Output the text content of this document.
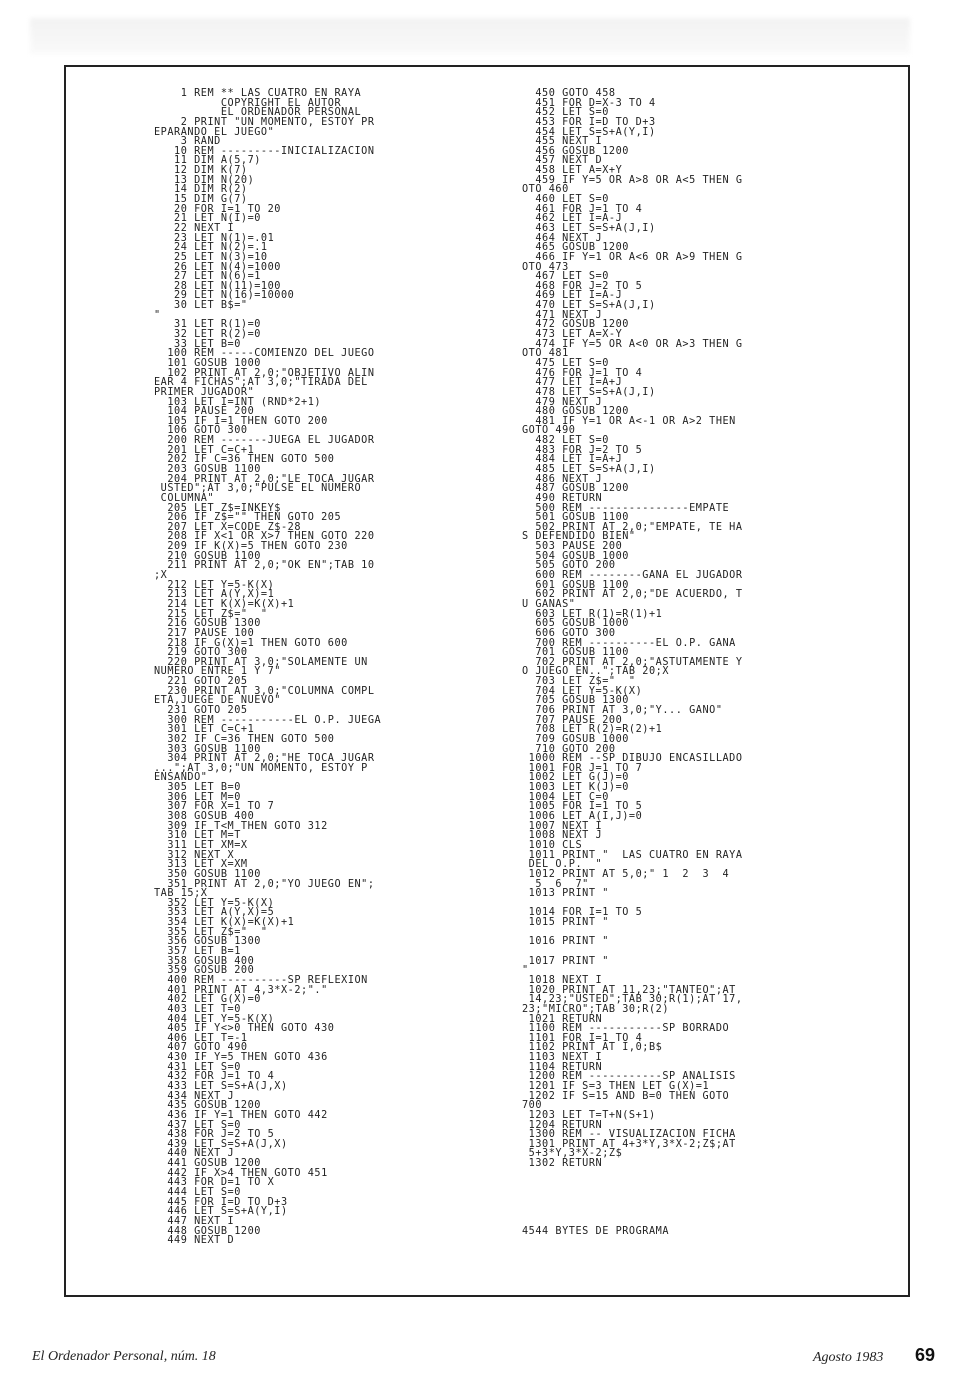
1 REM ** LAS CUATRO EN RAYA
COPYRIGHT EL AUTOR
EL ORDENADOR PERSONAL
2 PRINT "UN MOMENTO, ESTOY PR
EPARANDO EL JUEGO"
3 RAND
10 REM ---------INICIALIZACION
11 DIM A(5,7)
12 DIM K(7)
13 DIM N(20)
14 DIM R(2)
15 DIM G(7)
20 FOR I=1 TO 20
21 LET N(I)=0
22 NEXT I
23 LET N(1)=.01
24 LET N(2)=.1
25 LET N(3)=10
26 LET N(4)=1000
27 LET N(6)=1
28 LET N(11)=100
29 LET N(16)=10000
30 LET B$="
"
31 LET R(1)=0
32 LET R(2)=0
33 LET B=0
100 REM -----COMIENZO DEL JUEGO
101 GOSUB 1000
102 PRINT AT 2,0;"OBJETIVO ALIN
EAR 4 FICHAS";AT 3,0;"TIRADA DEL
PRIMER JUGADOR"
103 LET I=INT (RND*2+1)
104 PAUSE 200
105 IF I=1 THEN GOTO 200
106 GOTO 300
200 REM -------JUEGA EL JUGADOR
201 LET C=C+1
202 IF C=36 THEN GOTO 500
203 GOSUB 1100
204 PRINT AT 2,0;"LE TOCA JUGAR
USTED";AT 3,0;"PULSE EL NUMERO
COLUMNA"
205 LET Z$=INKEY$
206 IF Z$="" THEN GOTO 205
207 LET X=CODE Z$-28
208 IF X<1 OR X>7 THEN GOTO 220
209 IF K(X)=5 THEN GOTO 230
210 GOSUB 1100
211 PRINT AT 2,0;"OK EN";TAB 10
;X
212 LET Y=5-K(X)
213 LET A(Y,X)=1
214 LET K(X)=K(X)+1
215 LET Z$="  "
216 GOSUB 1300
217 PAUSE 100
218 IF G(X)=1 THEN GOTO 600
219 GOTO 300
220 PRINT AT 3,0;"SOLAMENTE UN
NUMERO ENTRE 1 Y 7"
221 GOTO 205
230 PRINT AT 3,0;"COLUMNA COMPL
ETA,JUEGE DE NUEVO"
231 GOTO 205
300 REM -----------EL O.P. JUEGA
301 LET C=C+1
302 IF C=36 THEN GOTO 500
303 GOSUB 1100
304 PRINT AT 2,0;"HE TOCA JUGAR
...";AT 3,0;"UN MOMENTO, ESTOY P
ENSANDO"
305 LET B=0
306 LET M=0
307 FOR X=1 TO 7
308 GOSUB 400
309 IF T<M THEN GOTO 312
310 LET M=T
311 LET XM=X
312 NEXT X
313 LET X=XM
350 GOSUB 1100
351 PRINT AT 2,0;"YO JUEGO EN";
TAB 15;X
352 LET Y=5-K(X)
353 LET A(Y,X)=5
354 LET K(X)=K(X)+1
355 LET Z$="  "
356 GOSUB 1300
357 LET B=1
358 GOSUB 400
359 GOSUB 200
400 REM ----------SP REFLEXION
401 PRINT AT 4,3*X-2;"."
402 LET G(X)=0
403 LET T=0
404 LET Y=5-K(X)
405 IF Y<>0 THEN GOTO 430
406 LET T=-1
407 GOTO 490
430 IF Y=5 THEN GOTO 436
431 LET S=0
432 FOR J=1 TO 4
433 LET S=S+A(J,X)
434 NEXT J
435 GOSUB 1200
436 IF Y=1 THEN GOTO 442
437 LET S=0
438 FOR J=2 TO 5
439 LET S=S+A(J,X)
440 NEXT J
441 GOSUB 1200
442 IF X>4 THEN GOTO 451
443 FOR D=1 TO X
444 LET S=0
445 FOR I=D TO D+3
446 LET S=S+A(Y,I)
447 NEXT I
448 GOSUB 1200
449 NEXT D
450 GOTO 458
451 FOR D=X-3 TO 4
452 LET S=0
453 FOR I=D TO D+3
454 LET S=S+A(Y,I)
455 NEXT I
456 GOSUB 1200
457 NEXT D
458 LET A=X+Y
459 IF Y=5 OR A>8 OR A<5 THEN G
OTO 460
460 LET S=0
461 FOR J=1 TO 4
462 LET I=A-J
463 LET S=S+A(J,I)
464 NEXT J
465 GOSUB 1200
466 IF Y=1 OR A<6 OR A>9 THEN G
OTO 473
467 LET S=0
468 FOR J=2 TO 5
469 LET I=A-J
470 LET S=S+A(J,I)
471 NEXT J
472 GOSUB 1200
473 LET A=X-Y
474 IF Y=5 OR A<0 OR A>3 THEN G
OTO 481
475 LET S=0
476 FOR J=1 TO 4
477 LET I=A+J
478 LET S=S+A(J,I)
479 NEXT J
480 GOSUB 1200
481 IF Y=1 OR A<-1 OR A>2 THEN
GOTO 490
482 LET S=0
483 FOR J=2 TO 5
484 LET I=A+J
485 LET S=S+A(J,I)
486 NEXT J
487 GOSUB 1200
490 RETURN
500 REM ---------------EMPATE
501 GOSUB 1100
502 PRINT AT 2,0;"EMPATE, TE HA
S DEFENDIDO BIEN"
503 PAUSE 200
504 GOSUB 1000
505 GOTO 200
600 REM --------GANA EL JUGADOR
601 GOSUB 1100
602 PRINT AT 2,0;"DE ACUERDO, T
U GANAS"
603 LET R(1)=R(1)+1
605 GOSUB 1000
606 GOTO 300
700 REM ----------EL O.P. GANA
701 GOSUB 1100
702 PRINT AT 2,0;"ASTUTAMENTE Y
O JUEGO EN..";TAB 20;X
703 LET Z$="  "
704 LET Y=5-K(X)
705 GOSUB 1300
706 PRINT AT 3,0;"Y... GANO"
707 PAUSE 200
708 LET R(2)=R(2)+1
709 GOSUB 1000
710 GOTO 200
1000 REM --SP DIBUJO ENCASILLADO
1001 FOR J=1 TO 7
1002 LET G(J)=0
1003 LET K(J)=0
1004 LET C=0
1005 FOR I=1 TO 5
1006 LET A(I,J)=0
1007 NEXT I
1008 NEXT J
1010 CLS
1011 PRINT "  LAS CUATRO EN RAYA
DEL O.P.  "
1012 PRINT AT 5,0;" 1  2  3  4
5  6  7"
1013 PRINT "
1014 FOR I=1 TO 5
1015 PRINT "
1016 PRINT "
1017 PRINT "
"
1018 NEXT I
1020 PRINT AT 11,23;"TANTEO";AT
14,23;"USTED";TAB 30;R(1);AT 17,
23;"MICRO";TAB 30;R(2)
1021 RETURN
1100 REM -----------SP BORRADO
1101 FOR I=1 TO 4
1102 PRINT AT I,0;B$
1103 NEXT I
1104 RETURN
1200 REM -----------SP ANALISIS
1201 IF S=3 THEN LET G(X)=1
1202 IF S=15 AND B=0 THEN GOTO
700
1203 LET T=T+N(S+1)
1204 RETURN
1300 REM -- VISUALIZACION FICHA
1301 PRINT AT 4+3*Y,3*X-2;Z$;AT
5+3*Y,3*X-2;Z$
1302 RETURN
4544 BYTES DE PROGRAMA
El Ordenador Personal, núm. 18	Agosto 1983 69
